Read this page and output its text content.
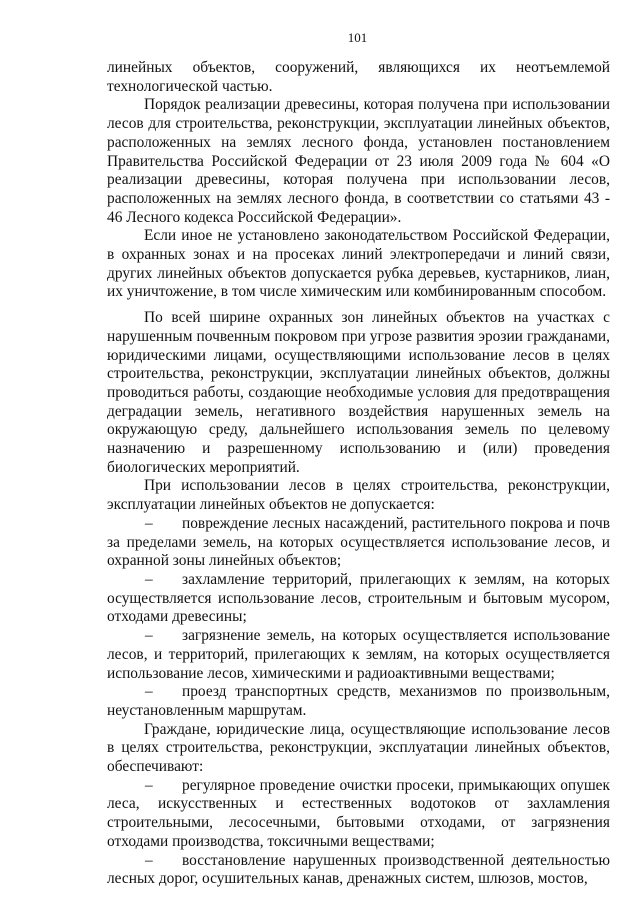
101

линейных объектов, сооружений, являющихся их неотъемлемой технологической частью.

Порядок реализации древесины, которая получена при использовании лесов для строительства, реконструкции, эксплуатации линейных объектов, расположенных на землях лесного фонда, установлен постановлением Правительства Российской Федерации от 23 июля 2009 года № 604 «О реализации древесины, которая получена при использовании лесов, расположенных на землях лесного фонда, в соответствии со статьями 43 - 46 Лесного кодекса Российской Федерации».

Если иное не установлено законодательством Российской Федерации, в охранных зонах и на просеках линий электропередачи и линий связи, других линейных объектов допускается рубка деревьев, кустарников, лиан, их уничтожение, в том числе химическим или комбинированным способом.

По всей ширине охранных зон линейных объектов на участках с нарушенным почвенным покровом при угрозе развития эрозии гражданами, юридическими лицами, осуществляющими использование лесов в целях строительства, реконструкции, эксплуатации линейных объектов, должны проводиться работы, создающие необходимые условия для предотвращения деградации земель, негативного воздействия нарушенных земель на окружающую среду, дальнейшего использования земель по целевому назначению и разрешенному использованию и (или) проведения биологических мероприятий.

При использовании лесов в целях строительства, реконструкции, эксплуатации линейных объектов не допускается:

– повреждение лесных насаждений, растительного покрова и почв за пределами земель, на которых осуществляется использование лесов, и охранной зоны линейных объектов;

– захламление территорий, прилегающих к землям, на которых осуществляется использование лесов, строительным и бытовым мусором, отходами древесины;

– загрязнение земель, на которых осуществляется использование лесов, и территорий, прилегающих к землям, на которых осуществляется использование лесов, химическими и радиоактивными веществами;

– проезд транспортных средств, механизмов по произвольным, неустановленным маршрутам.

Граждане, юридические лица, осуществляющие использование лесов в целях строительства, реконструкции, эксплуатации линейных объектов, обеспечивают:

– регулярное проведение очистки просеки, примыкающих опушек леса, искусственных и естественных водотоков от захламления строительными, лесосечными, бытовыми отходами, от загрязнения отходами производства, токсичными веществами;

– восстановление нарушенных производственной деятельностью лесных дорог, осушительных канав, дренажных систем, шлюзов, мостов,
